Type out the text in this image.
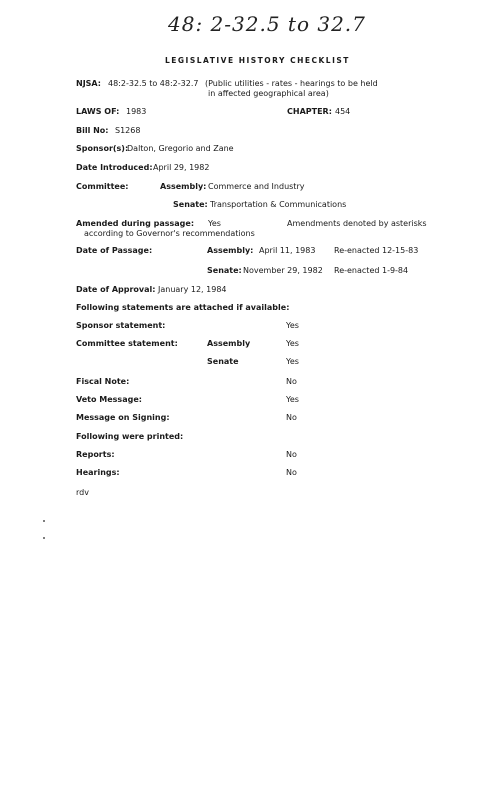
48: 2-32.5 to 32.7
LEGISLATIVE HISTORY CHECKLIST
NJSA: 48:2-32.5 to 48:2-32.7 (Public utilities - rates - hearings to be held
in affected geographical area)
LAWS OF: 1983	CHAPTER: 454
Bill No: S1268
Sponsor(s):
Dalton, Gregorio and Zane
Date Introduced: April 29, 1982
Committee:	Assembly: Commerce and Industry
Senate: Transportation & Communications
Amended during passage: Yes	Amendments denoted by asterisks
according to Governor's recommendations
Date of Passage:	Assembly: April 11, 1983 Re-enacted 12-15-83
Senate: November 29, 1982 Re-enacted 1-9-84
Date of Approval: January 12, 1984
Following statements are attached if available:
Sponsor statement:	Yes
Committee statement:	Assembly	Yes
Senate	Yes
Fiscal Note:	No
Veto Message:	Yes
Message on Signing:	No
Following were printed:
Reports:	No
Hearings:	No
rdv
